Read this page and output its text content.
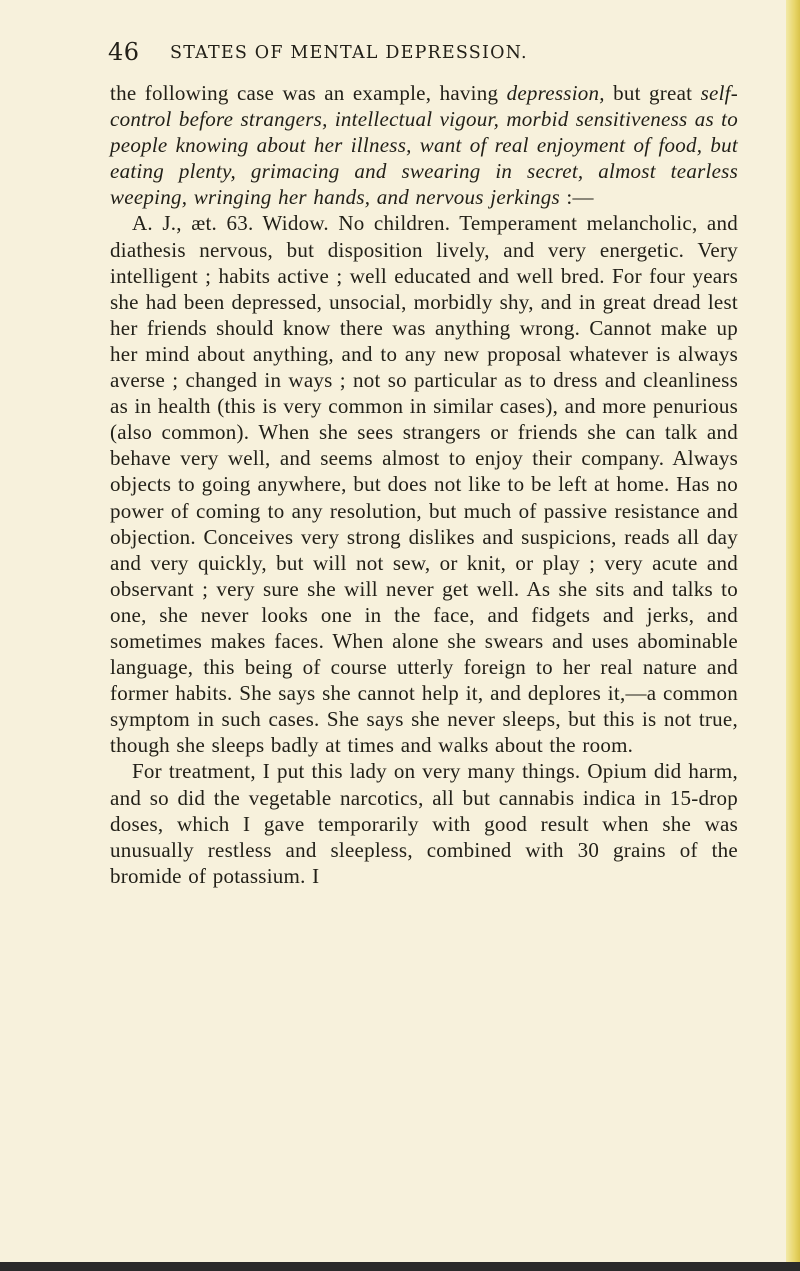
46 STATES OF MENTAL DEPRESSION.

the following case was an example, having depression, but great self-control before strangers, intellectual vigour, morbid sensitiveness as to people knowing about her illness, want of real enjoyment of food, but eating plenty, grimacing and swearing in secret, almost tearless weeping, wringing her hands, and nervous jerkings :—

A. J., æt. 63. Widow. No children. Temperament melancholic, and diathesis nervous, but disposition lively, and very energetic. Very intelligent ; habits active ; well educated and well bred. For four years she had been depressed, unsocial, morbidly shy, and in great dread lest her friends should know there was anything wrong. Cannot make up her mind about anything, and to any new proposal whatever is always averse ; changed in ways ; not so particular as to dress and cleanliness as in health (this is very common in similar cases), and more penurious (also common). When she sees strangers or friends she can talk and behave very well, and seems almost to enjoy their company. Always objects to going anywhere, but does not like to be left at home. Has no power of coming to any resolution, but much of passive resistance and objection. Conceives very strong dislikes and suspicions, reads all day and very quickly, but will not sew, or knit, or play ; very acute and observant ; very sure she will never get well. As she sits and talks to one, she never looks one in the face, and fidgets and jerks, and sometimes makes faces. When alone she swears and uses abominable language, this being of course utterly foreign to her real nature and former habits. She says she cannot help it, and deplores it,—a common symptom in such cases. She says she never sleeps, but this is not true, though she sleeps badly at times and walks about the room.

For treatment, I put this lady on very many things. Opium did harm, and so did the vegetable narcotics, all but cannabis indica in 15-drop doses, which I gave temporarily with good result when she was unusually restless and sleepless, combined with 30 grains of the bromide of potassium. I
